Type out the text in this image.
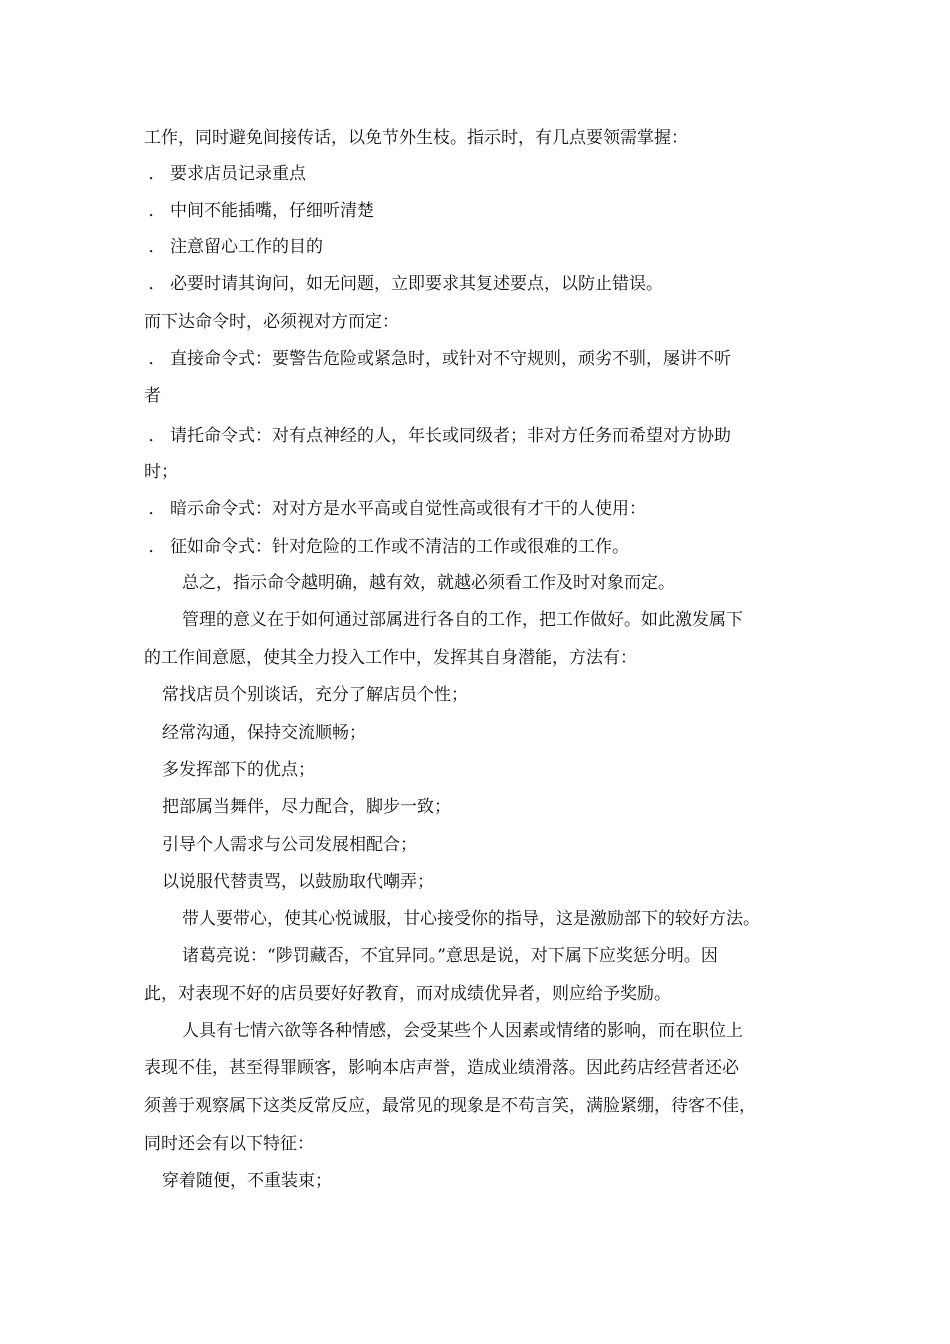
工作，同时避免间接传话，以免节外生枝。指示时，有几点要领需掌握：
． 要求店员记录重点
． 中间不能插嘴，仔细听清楚
． 注意留心工作的目的
． 必要时请其询问，如无问题，立即要求其复述要点，以防止错误。
而下达命令时，必须视对方而定：
． 直接命令式：要警告危险或紧急时，或针对不守规则，顽劣不驯，屡讲不听
者
． 请托命令式：对有点神经的人，年长或同级者；非对方任务而希望对方协助
时；
． 暗示命令式：对对方是水平高或自觉性高或很有才干的人使用：
． 征如命令式：针对危险的工作或不清洁的工作或很难的工作。
总之，指示命令越明确，越有效，就越必须看工作及时对象而定。
管理的意义在于如何通过部属进行各自的工作，把工作做好。如此激发属下
的工作间意愿，使其全力投入工作中，发挥其自身潜能，方法有：
常找店员个别谈话，充分了解店员个性；
经常沟通，保持交流顺畅；
多发挥部下的优点；
把部属当舞伴，尽力配合，脚步一致；
引导个人需求与公司发展相配合；
以说服代替责骂，以鼓励取代嘲弄；
带人要带心，使其心悦诚服，甘心接受你的指导，这是激励部下的较好方法。
诸葛亮说：“陟罚藏否，不宜异同。”意思是说，对下属下应奖惩分明。因
此，对表现不好的店员要好好教育，而对成绩优异者，则应给予奖励。
人具有七情六欲等各种情感，会受某些个人因素或情绪的影响，而在职位上
表现不佳，甚至得罪顾客，影响本店声誉，造成业绩滑落。因此药店经营者还必
须善于观察属下这类反常反应，最常见的现象是不苟言笑，满脸紧绷，待客不佳，
同时还会有以下特征：
穿着随便，不重装束；
